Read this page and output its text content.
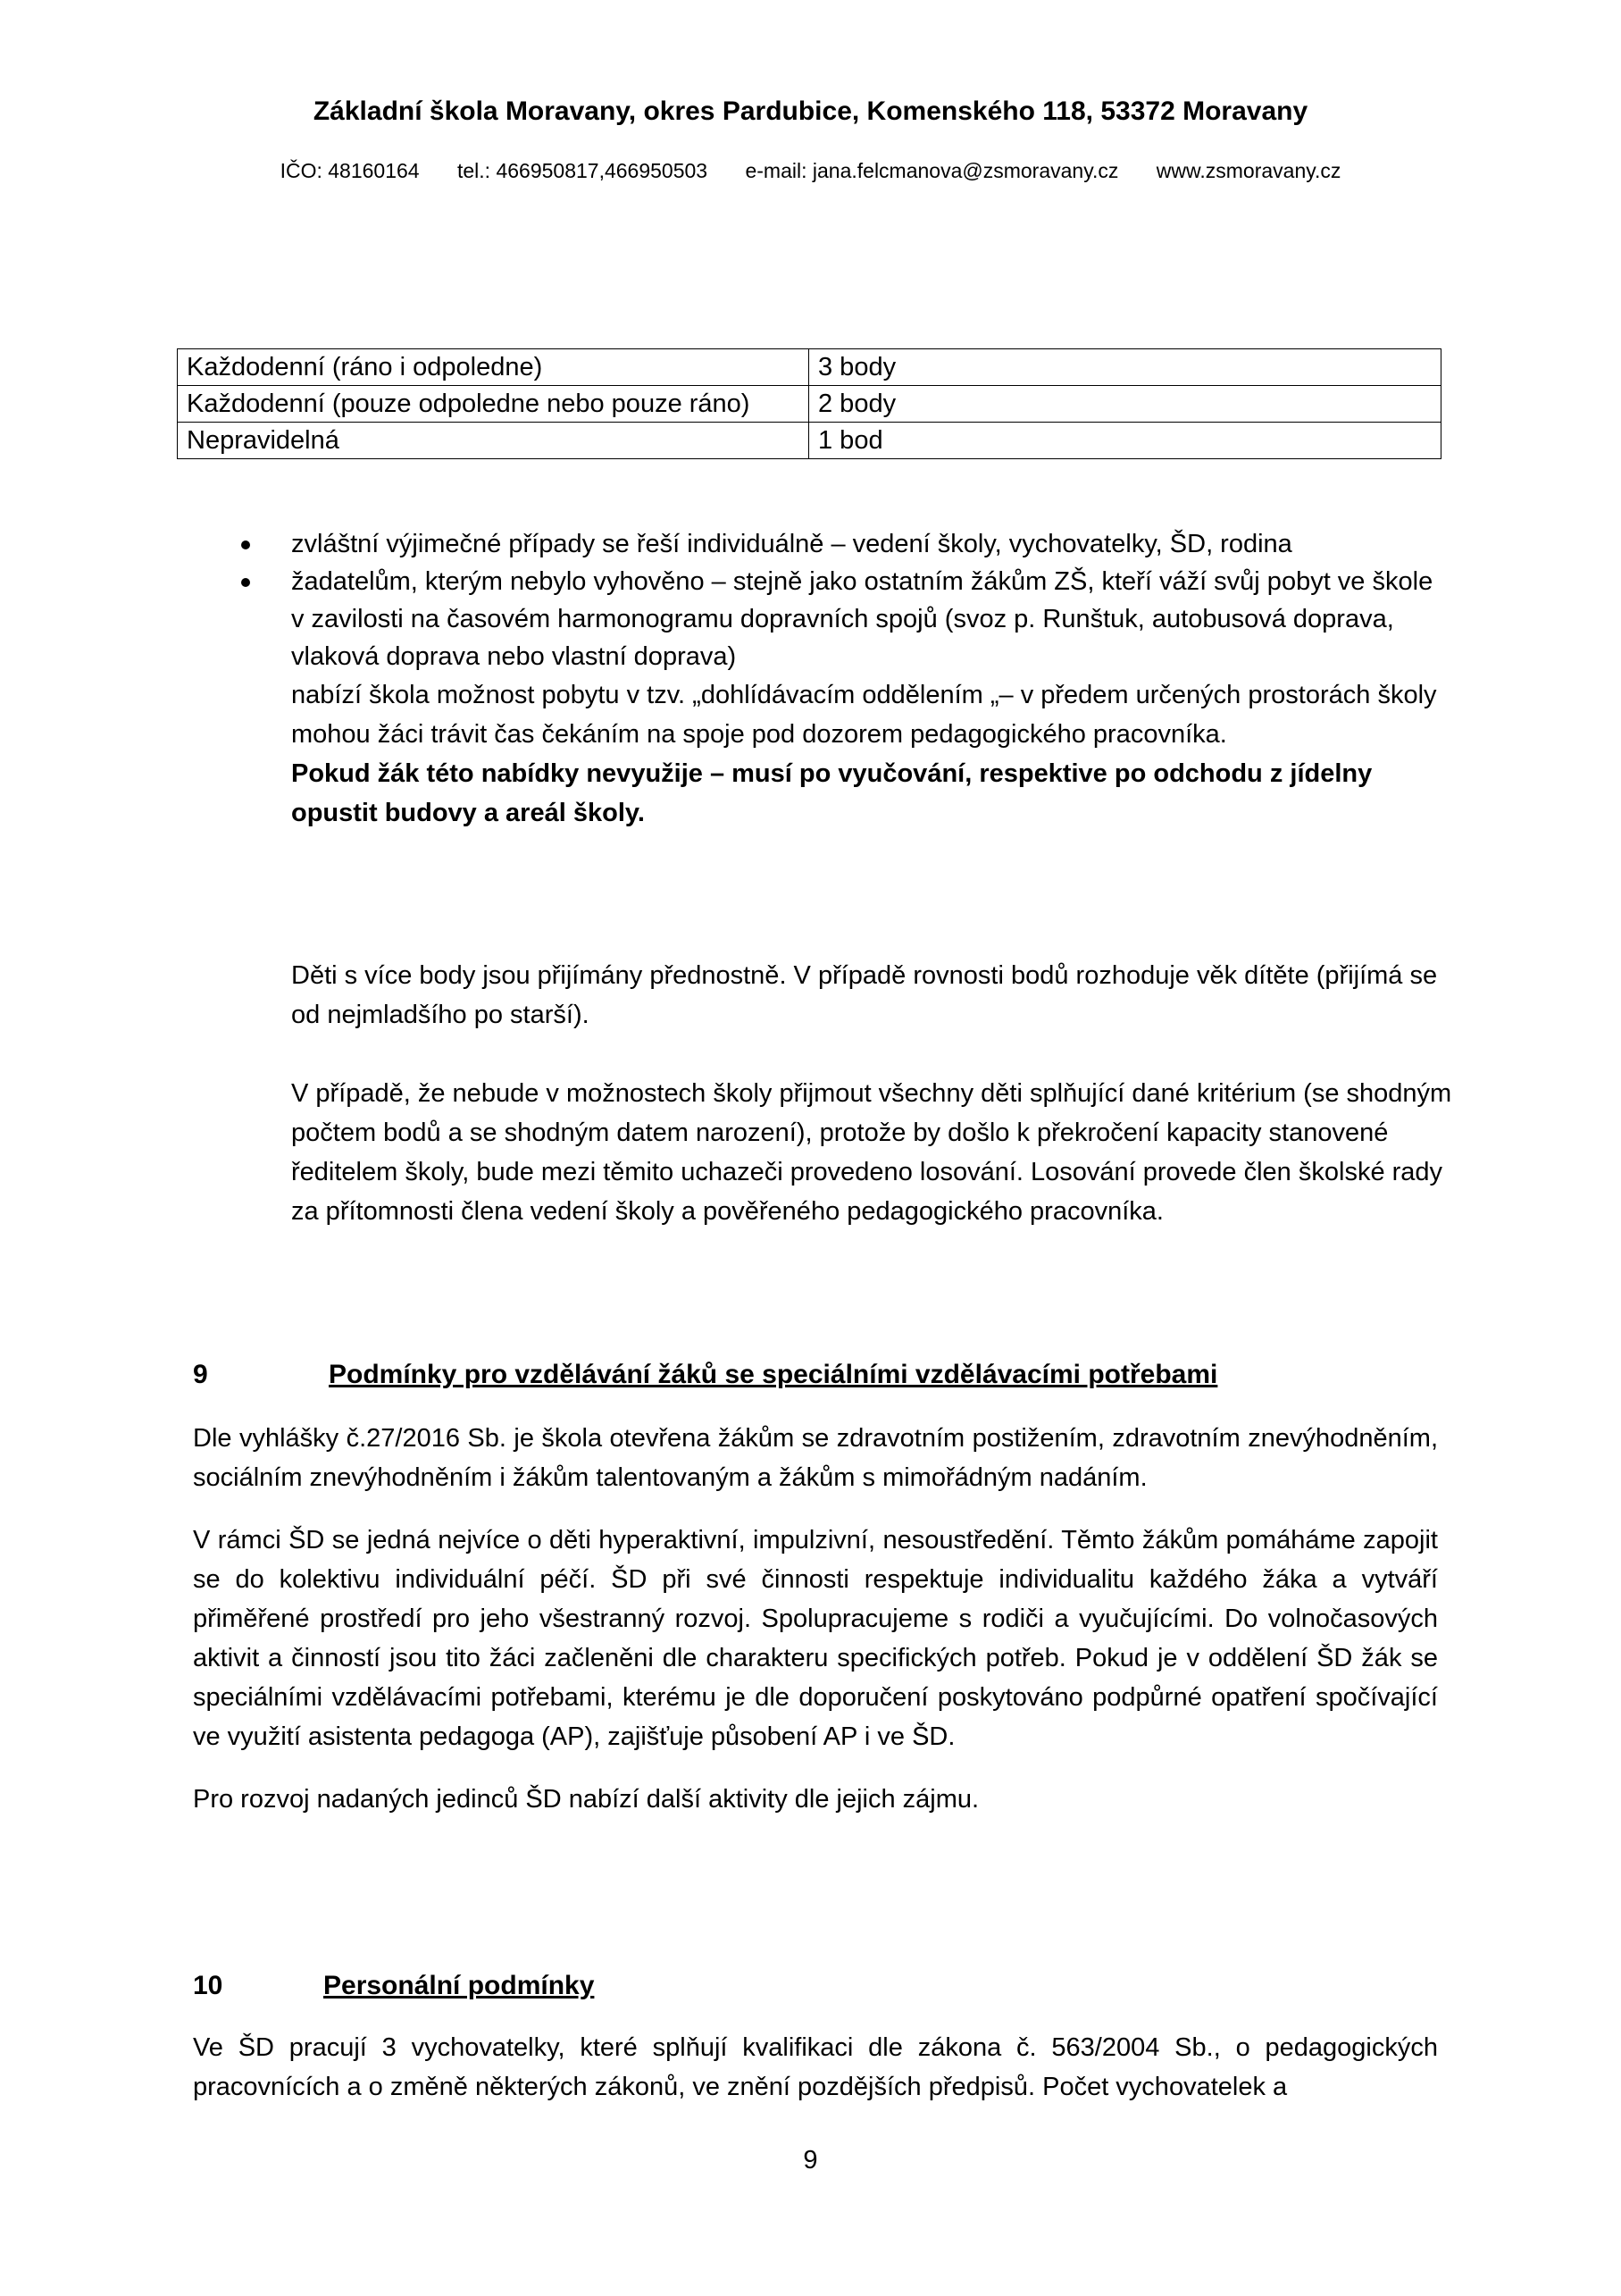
Základní škola Moravany, okres Pardubice, Komenského 118, 53372 Moravany
IČO: 48160164 tel.: 466950817,466950503 e-mail: jana.felcmanova@zsmoravany.cz www.zsmoravany.cz
Každodenní (ráno i odpoledne)	3 body
Každodenní (pouze odpoledne nebo pouze ráno)	2 body
Nepravidelná	1 bod
zvláštní výjimečné případy se řeší individuálně – vedení školy, vychovatelky, ŠD, rodina
žadatelům, kterým nebylo vyhověno – stejně jako ostatním žákům ZŠ, kteří váží svůj pobyt ve škole v zavilosti na časovém harmonogramu dopravních spojů (svoz p. Runštuk, autobusová doprava, vlaková doprava nebo vlastní doprava)
nabízí škola možnost pobytu v tzv. „dohlídávacím oddělením „– v předem určených prostorách školy mohou žáci trávit čas čekáním na spoje pod dozorem pedagogického pracovníka.
Pokud žák této nabídky nevyužije – musí po vyučování, respektive po odchodu z jídelny opustit budovy a areál školy.
Děti s více body jsou přijímány přednostně. V případě rovnosti bodů rozhoduje věk dítěte (přijímá se od nejmladšího po starší).
V případě, že nebude v možnostech školy přijmout všechny děti splňující dané kritérium (se shodným počtem bodů a se shodným datem narození), protože by došlo k překročení kapacity stanovené ředitelem školy, bude mezi těmito uchazeči provedeno losování. Losování provede člen školské rady za přítomnosti člena vedení školy a pověřeného pedagogického pracovníka.
9	Podmínky pro vzdělávání žáků se speciálními vzdělávacími potřebami
Dle vyhlášky č.27/2016 Sb. je škola otevřena žákům se zdravotním postižením, zdravotním znevýhodněním, sociálním znevýhodněním i žákům talentovaným a žákům s mimořádným nadáním.
V rámci ŠD se jedná nejvíce o děti hyperaktivní, impulzivní, nesoustředění. Těmto žákům pomáháme zapojit se do kolektivu individuální péčí. ŠD při své činnosti respektuje individualitu každého žáka a vytváří přiměřené prostředí pro jeho všestranný rozvoj. Spolupracujeme s rodiči a vyučujícími. Do volnočasových aktivit a činností jsou tito žáci začleněni dle charakteru specifických potřeb. Pokud je v oddělení ŠD žák se speciálními vzdělávacími potřebami, kterému je dle doporučení poskytováno podpůrné opatření spočívající ve využití asistenta pedagoga (AP), zajišťuje působení AP i ve ŠD.
Pro rozvoj nadaných jedinců ŠD nabízí další aktivity dle jejich zájmu.
10	Personální podmínky
Ve ŠD pracují 3 vychovatelky, které splňují kvalifikaci dle zákona č. 563/2004 Sb., o pedagogických pracovnících a o změně některých zákonů, ve znění pozdějších předpisů. Počet vychovatelek a
9
